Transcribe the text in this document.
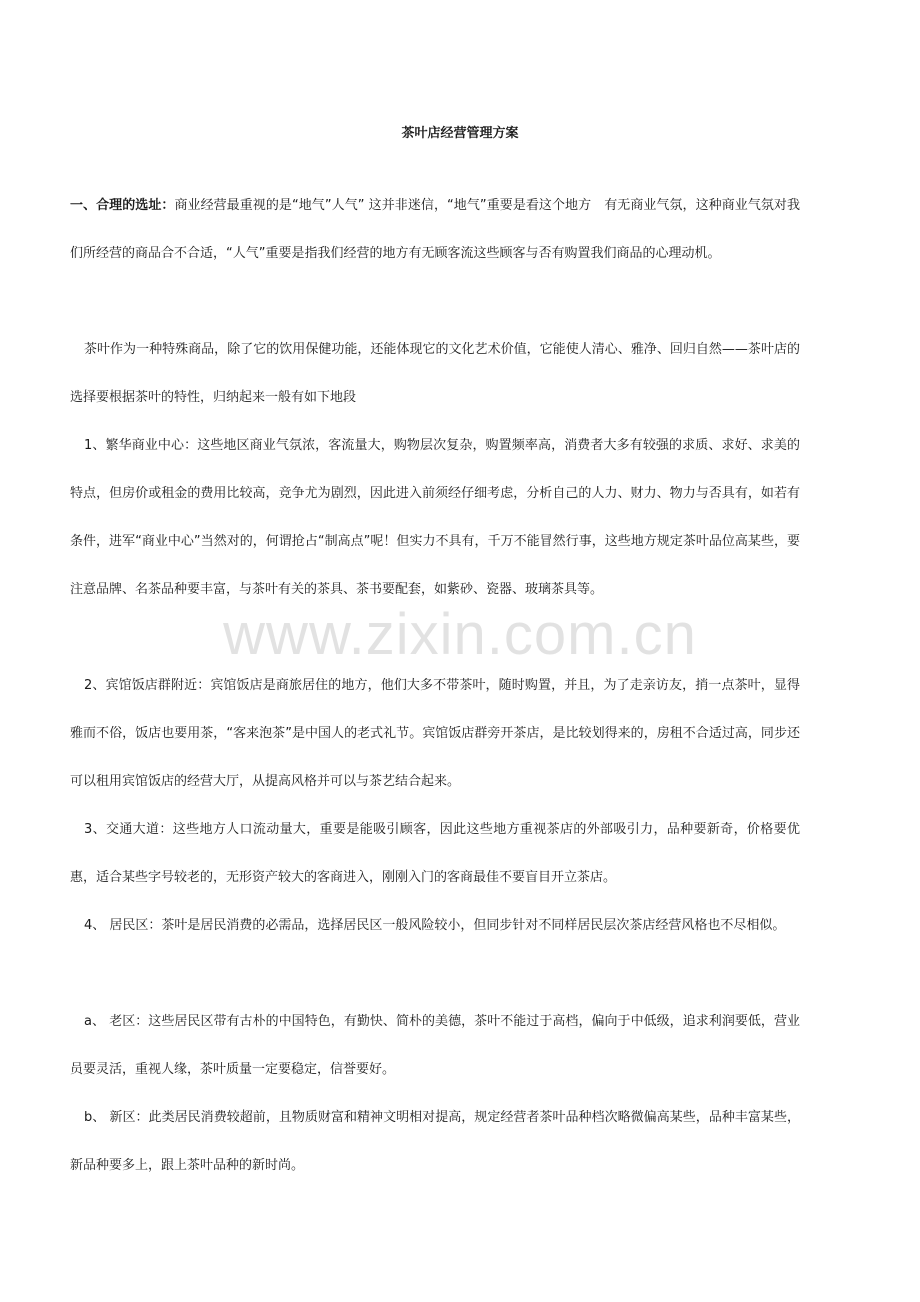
茶叶店经营管理方案

一、合理的选址：商业经营最重视的是“地气”人气” 这并非迷信，“地气”重要是看这个地方　有无商业气氛，这种商业气氛对我们所经营的商品合不合适，“人气”重要是指我们经营的地方有无顾客流这些顾客与否有购置我们商品的心理动机。

茶叶作为一种特殊商品，除了它的饮用保健功能，还能体现它的文化艺术价值，它能使人清心、雅净、回归自然——茶叶店的选择要根据茶叶的特性，归纳起来一般有如下地段

1、繁华商业中心：这些地区商业气氛浓，客流量大，购物层次复杂，购置频率高，消费者大多有较强的求质、求好、求美的特点，但房价或租金的费用比较高，竞争尤为剧烈，因此进入前须经仔细考虑，分析自己的人力、财力、物力与否具有，如若有条件，进军“商业中心”当然对的，何谓抢占“制高点”呢！但实力不具有，千万不能冒然行事，这些地方规定茶叶品位高某些，要注意品牌、名茶品种要丰富，与茶叶有关的茶具、茶书要配套，如紫砂、瓷器、玻璃茶具等。

2、宾馆饭店群附近：宾馆饭店是商旅居住的地方，他们大多不带茶叶，随时购置，并且，为了走亲访友，捎一点茶叶，显得雅而不俗，饭店也要用茶，“客来泡茶”是中国人的老式礼节。宾馆饭店群旁开茶店，是比较划得来的，房租不合适过高，同步还可以租用宾馆饭店的经营大厅，从提高风格并可以与茶艺结合起来。

3、交通大道：这些地方人口流动量大，重要是能吸引顾客，因此这些地方重视茶店的外部吸引力，品种要新奇，价格要优惠，适合某些字号较老的，无形资产较大的客商进入，刚刚入门的客商最佳不要盲目开立茶店。

4、 居民区：茶叶是居民消费的必需品，选择居民区一般风险较小，但同步针对不同样居民层次茶店经营风格也不尽相似。

a、 老区：这些居民区带有古朴的中国特色，有勤快、简朴的美德，茶叶不能过于高档，偏向于中低级，追求利润要低，营业员要灵活，重视人缘，茶叶质量一定要稳定，信誉要好。

b、 新区：此类居民消费较超前，且物质财富和精神文明相对提高，规定经营者茶叶品种档次略微偏高某些，品种丰富某些，新品种要多上，跟上茶叶品种的新时尚。

www.zixin.com.cn
